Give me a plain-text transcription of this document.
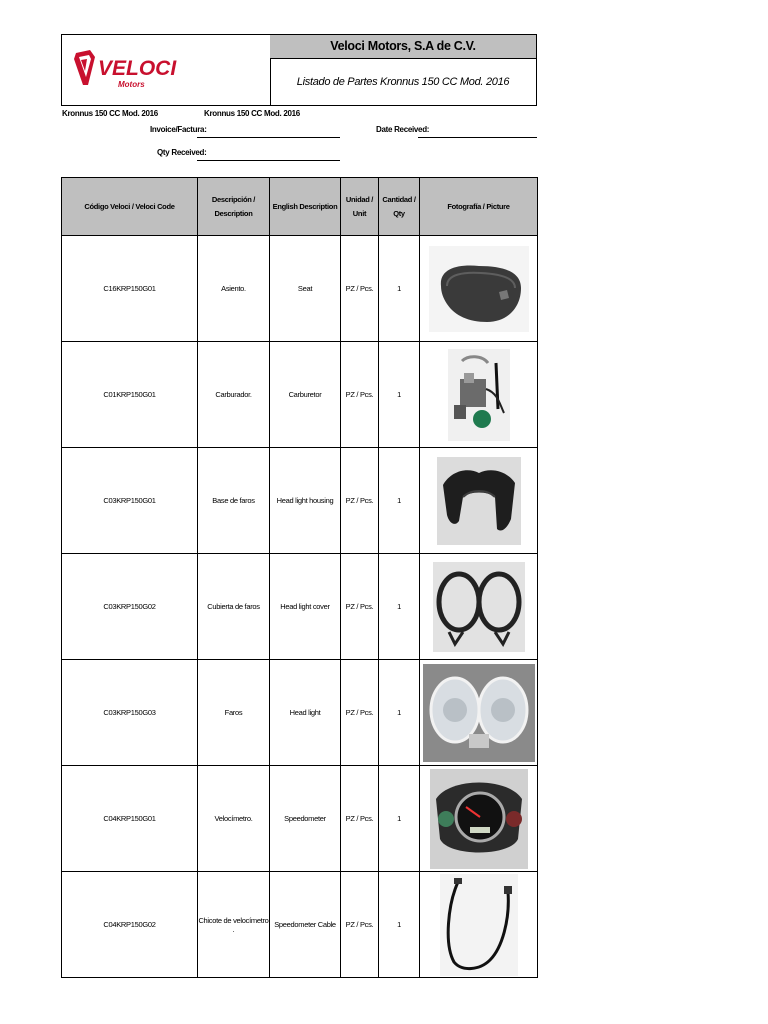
VELOCI
Motors
Veloci Motors, S.A de C.V.
Listado de Partes Kronnus 150 CC Mod. 2016
Kronnus 150 CC Mod. 2016	Kronnus 150 CC Mod. 2016
Invoice/Factura:	Date Received:
Qty Received:
Código Veloci / Veloci Code	Descripción / Description	English Description	Unidad / Unit	Cantidad / Qty	Fotografía / Picture
C16KRP150G01	Asiento.	Seat	PZ / Pcs.	1	

C01KRP150G01	Carburador.	Carburetor	PZ / Pcs.	1	

C03KRP150G01	Base de faros	Head light housing	PZ / Pcs.	1	

C03KRP150G02	Cubierta de faros	Head light cover	PZ / Pcs.	1	

C03KRP150G03	Faros	Head light	PZ / Pcs.	1	

C04KRP150G01	Velocímetro.	Speedometer	PZ / Pcs.	1	

C04KRP150G02	Chicote de velocímetro .	Speedometer Cable	PZ / Pcs.	1	
